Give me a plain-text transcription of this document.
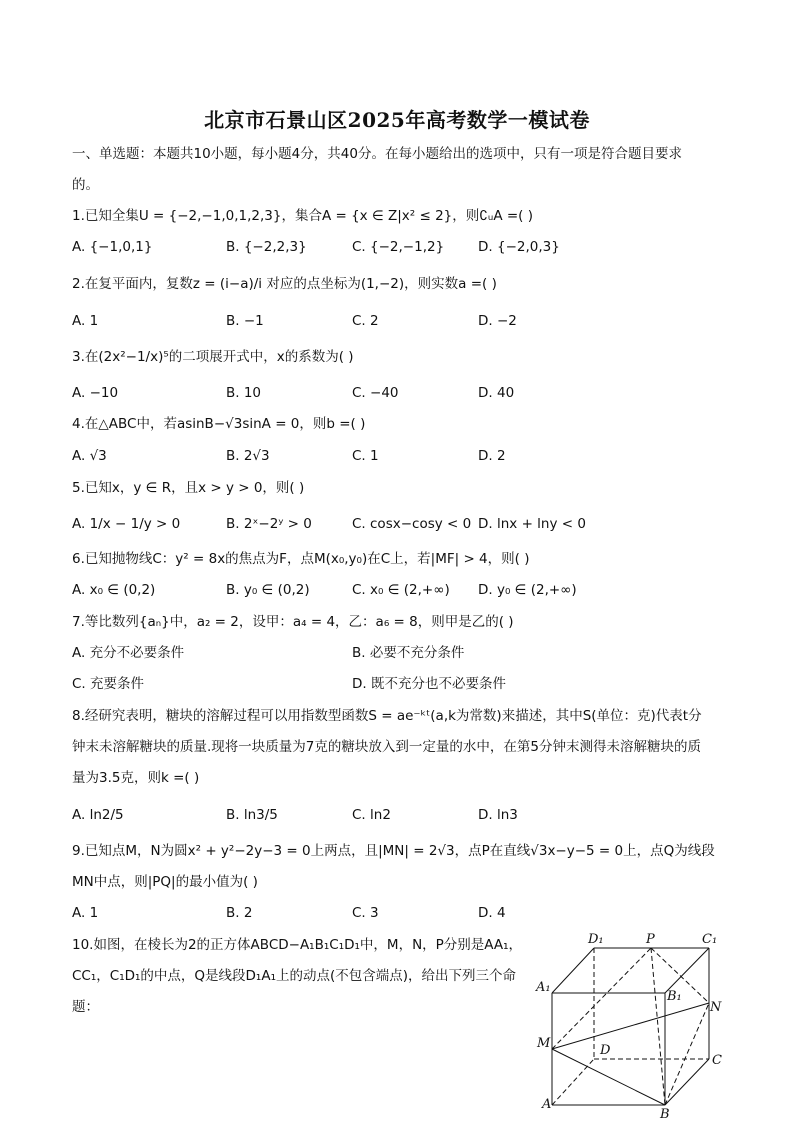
北京市石景山区2025年高考数学一模试卷
一、单选题：本题共10小题，每小题4分，共40分。在每小题给出的选项中，只有一项是符合题目要求
的。
1.已知全集U = {−2,−1,0,1,2,3}，集合A = {x ∈ Z|x² ≤ 2}，则∁ᵤA =( )
A. {−1,0,1}	B. {−2,2,3}	C. {−2,−1,2}	D. {−2,0,3}
2.在复平面内，复数z = (i−a)/i 对应的点坐标为(1,−2)，则实数a =( )
A. 1	B. −1	C. 2	D. −2
3.在(2x²−1/x)⁵的二项展开式中，x的系数为( )
A. −10	B. 10	C. −40	D. 40
4.在△ABC中，若asinB−√3sinA = 0，则b =( )
A. √3	B. 2√3	C. 1	D. 2
5.已知x，y ∈ R，且x > y > 0，则( )
A. 1/x − 1/y > 0	B. 2ˣ−2ʸ > 0	C. cosx−cosy < 0 D. lnx + lny < 0
6.已知抛物线C：y² = 8x的焦点为F，点M(x₀,y₀)在C上，若|MF| > 4，则( )
A. x₀ ∈ (0,2)	B. y₀ ∈ (0,2)	C. x₀ ∈ (2,+∞) D. y₀ ∈ (2,+∞)
7.等比数列{aₙ}中，a₂ = 2，设甲：a₄ = 4，乙：a₆ = 8，则甲是乙的( )
A. 充分不必要条件	B. 必要不充分条件
C. 充要条件	D. 既不充分也不必要条件
8.经研究表明，糖块的溶解过程可以用指数型函数S = ae⁻ᵏᵗ(a,k为常数)来描述，其中S(单位：克)代表t分
钟末未溶解糖块的质量.现将一块质量为7克的糖块放入到一定量的水中，在第5分钟末测得未溶解糖块的质
量为3.5克，则k =( )
A. ln2/5	B. ln3/5	C. ln2	D. ln3
9.已知点M，N为圆x² + y²−2y−3 = 0上两点，且|MN| = 2√3，点P在直线√3x−y−5 = 0上，点Q为线段
MN中点，则|PQ|的最小值为( )
A. 1	B. 2	C. 3	D. 4
10.如图，在棱长为2的正方体ABCD−A₁B₁C₁D₁中，M，N，P分别是AA₁，
CC₁，C₁D₁的中点，Q是线段D₁A₁上的动点(不包含端点)，给出下列三个命
题：
D₁	P	C₁
A₁
B₁
N
M	D
C
A
B
